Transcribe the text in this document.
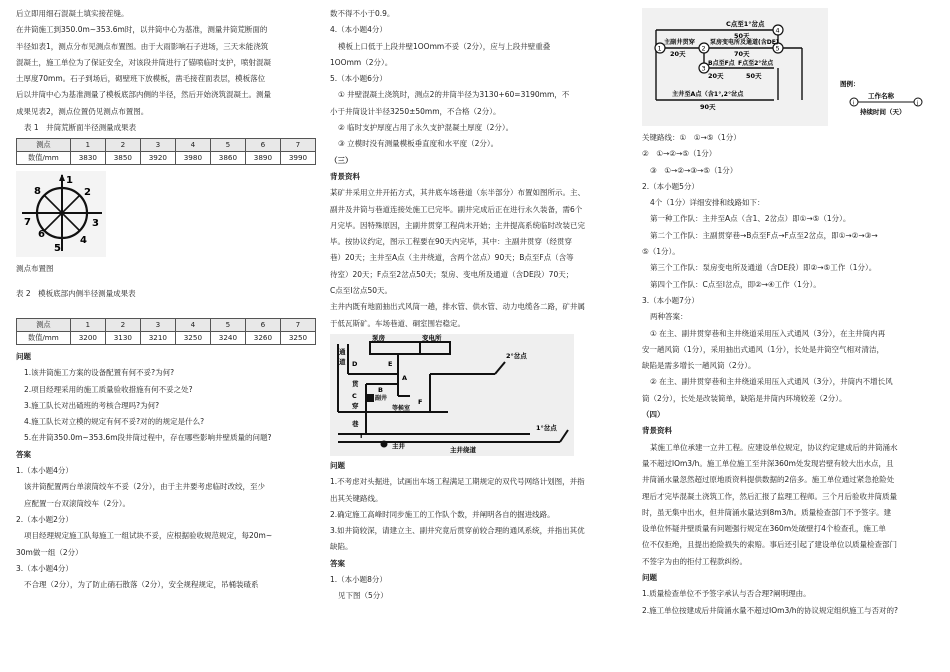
后立即用细石混凝土填实接茬缝。

在井筒施工到350.0m~353.6m时，以井筒中心为基准，测量井筒荒断面的

半径如表1，测点分布见测点布置图。由于大雨影响石子进场，三天未能浇筑

混凝土，施工单位为了保证安全，对该段井筒进行了锚喷临时支护，喷射混凝

土厚度70mm。石子到场后，砌壁班下放模板，凿毛接茬面表层，模板落位

后以井筒中心为基准测量了模板底部内侧的半径，然后开始浇筑混凝土。测量

成果见表2，测点位置仍见测点布置图。

表 1　井筒荒断面半径测量成果表

测点	1	2	3	4	5	6	7
数值/mm	3830	3850	3920	3980	3860	3890	3990
1
2
3
4
5
6
7
8

测点布置图

表 2　模板底部内侧半径测量成果表

测点	1	2	3	4	5	6	7
数值/mm	3200	3130	3210	3250	3240	3260	3250

问题

1.该井筒施工方案的设备配置有何不妥?为何?

2.项目经理采用的施工质量验收措施有何不妥之处?

3.施工队长对出碴班的考核合理吗?为何?

4.施工队长对立模的规定有何不妥?对的的规定是什么?

5.在井筒350.0m~353.6m段井筒过程中，存在哪些影响井壁质量的问题?

答案

1.（本小题4分）

该井筒配置两台单滚筒绞车不妥（2分），由于主井要考虑临时改绞，至少

应配置一台双滚筒绞车（2分）。

2.（本小题2分）

项目经理规定施工队每施工一组试块不妥，应根据验收规范规定，每20m~

30m做一组（2分）

3.（本小题4分）

不合理（2分），为了防止硝石散落（2分），安全规程规定，吊桶装碴系

数不得不小于0.9。

4.（本小题4分）

模板上口低于上段井壁1OOmm不妥（2分），应与上段井壁重叠

1OOmm（2分）。

5.（本小题6分）

① 井壁混凝土浇筑时，测点2的井筒半径为3130+60=3190mm，不

小于井筒设计半径3250±50mm，不合格（2分）。

② 临时支护厚度占用了永久支护混凝土厚度（2分）。

③ 立模时没有测量模板垂直度和水平度（2分）。

（三）

背景资料

某矿井采用立井开拓方式，其井底车场巷道（东半部分）布置如图所示。主、

副井及井筒与巷道连接处施工已完毕。副井完成后正在进行永久装备，需6个

月完毕。因特殊原因，主副井贯穿工程尚未开始；主井提高系统临时改装已完

毕。按协议约定，图示工程要在90天内完毕，其中：主副井贯穿（经贯穿

巷）20天；主井至A点（主井绕道，含两个岔点）90天；B点至F点（含等

待室）20天；F点至2岔点50天；泵房、变电所及通道（含DE段）70天；

C点至I岔点50天。

主井内既有地面抽出式风筒一趟，排水管、供水管、动力电缆各二路，矿井属

于低瓦斯矿。车场巷道、硐室围岩稳定。

泵房	变电所
D	E
通
道
A
C
I
B
F
等候室
贯
穿
巷
主井
副井
主井绕道
2°岔点
1°岔点

问题

1.不考虑对头掘进，试画出车场工程满足工期规定的双代号网络计划图，并指

出其关键路线。

2.确定施工高峰时同步施工的工作队个数，并阐明各自的掘进线路。

3.如井筒较深，请建立主、副井究竟后贯穿前较合理的通风系统，并指出其优

缺陷。

答案

1.（本小题8分）

见下图（5分）

1	2
3
4
5
C点至1°岔点
50天
主副井贯穿
20天
泵房变电所及通道(含DE)
70天
B点至F点
20天
F点至2°岔点
50天
主井至A点（含1°,2°岔点
90天
图例：
i	j
工作名称
持续时间（天）

关键路线：①　①→⑤（1分）

②　①→②→⑤（1分）

③　①→②→③→⑤（1分）

2.（本小题5分）

4个（1分）详细安排和线路如下：

第一种工作队：主井至A点（含1、2岔点）即①→⑤（1分）。

第二个工作队：主副贯穿巷→B点至F点→F点至2岔点，即①→②→③→

⑤（1分）。

第三个工作队：泵房变电所及通道（含DE段）即②→⑤工作（1分）。

第四个工作队：C点至I岔点，即②→④工作（1分）。

3.（本小题7分）

两种答案：

① 在主、副井贯穿巷和主井绕道采用压入式通风（3分），在主井筒内再

安一趟风筒（1分），采用抽出式通风（1分），长处是井筒空气相对清洁，

缺陷是需多增长一趟风筒（2分）。

② 在主、副井贯穿巷和主井绕道采用压入式通风（3分），井筒内不增长风

筒（2分），长处是改装简单，缺陷是井筒内环境较差（2分）。

（四）

背景资料

某施工单位承建一立井工程。应建设单位规定，协议约定建成后的井筒涌水

量不超过lOm3/h。施工单位施工至井深360m处发现岩壁有较大出水点，且

井筒涌水量忽然超过原地质资料提供数据的2倍多。施工单位通过紧急抢险处

理后才完毕混凝土浇筑工作，然后汇报了监理工程师。三个月后验收井筒质量

时，虽无集中出水，但井筒涌水量达到8m3/h。质量检查部门不予签字。建

设单位怀疑井壁质量有问题强行规定在360m处破壁打4个检查孔，施工单

位不仅拒绝，且提出抢险损失的索赔。事后还引起了建设单位以质量检查部门

不签字为由的拒付工程款纠纷。

问题

1.质量检查单位不予签字承认与否合理?阐明理由。

2.施工单位按建成后井筒涌水量不超过lOm3/h的协议规定组织施工与否对的?
